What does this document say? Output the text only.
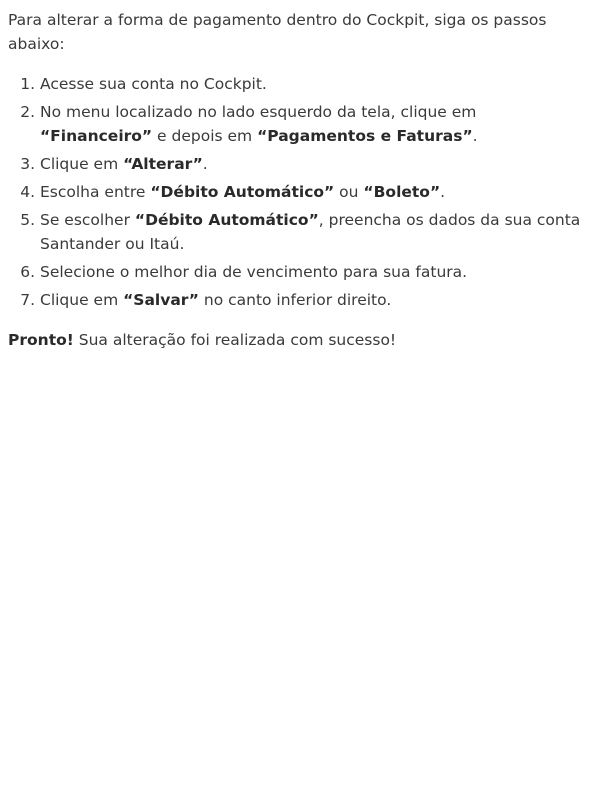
Para alterar a forma de pagamento dentro do Cockpit, siga os passos abaixo:

1. Acesse sua conta no Cockpit.
2. No menu localizado no lado esquerdo da tela, clique em “Financeiro” e depois em “Pagamentos e Faturas”.
3. Clique em “Alterar”.
4. Escolha entre “Débito Automático” ou “Boleto”.
5. Se escolher “Débito Automático”, preencha os dados da sua conta Santander ou Itaú.
6. Selecione o melhor dia de vencimento para sua fatura.
7. Clique em “Salvar” no canto inferior direito.

Pronto! Sua alteração foi realizada com sucesso!
